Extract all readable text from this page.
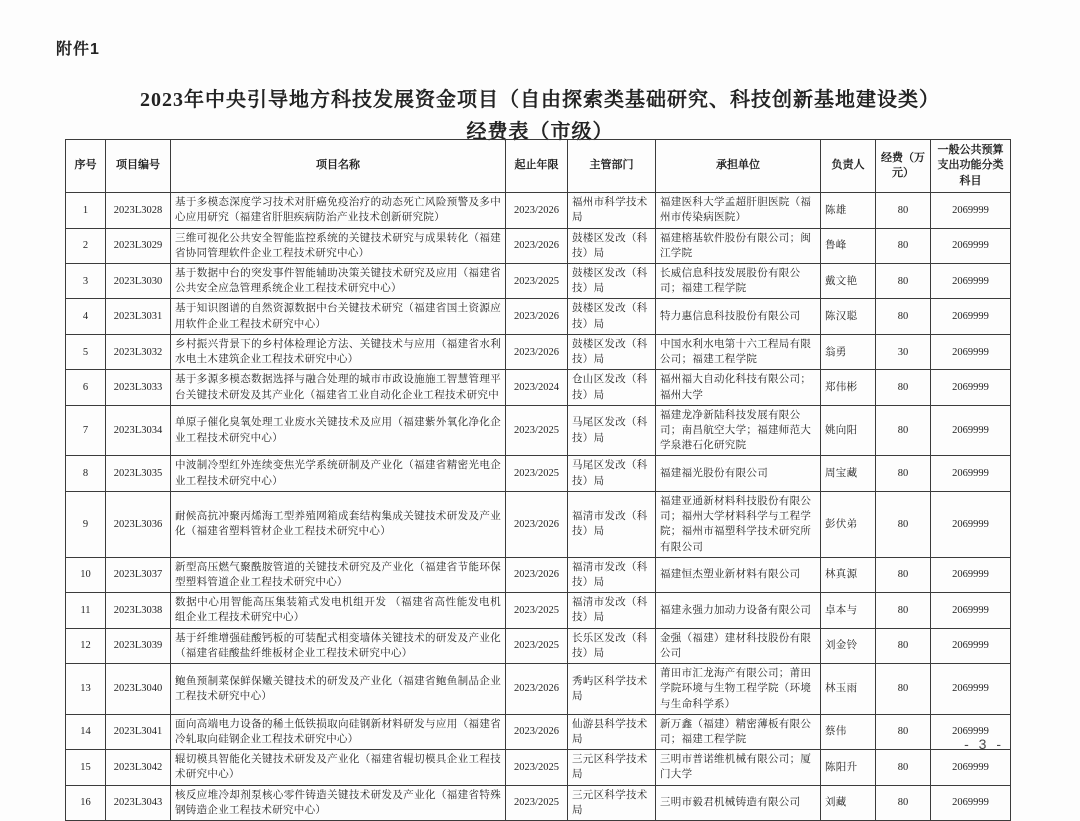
附件1
2023年中央引导地方科技发展资金项目（自由探索类基础研究、科技创新基地建设类）
经费表（市级）
序号	项目编号	项目名称	起止年限	主管部门	承担单位	负责人	经费（万元）	一般公共预算支出功能分类科目
1	2023L3028	基于多模态深度学习技术对肝癌免疫治疗的动态死亡风险预警及多中心应用研究（福建省肝胆疾病防治产业技术创新研究院）	2023/2026	福州市科学技术局	福建医科大学孟超肝胆医院（福州市传染病医院）	陈雄	80	2069999
2	2023L3029	三维可视化公共安全智能监控系统的关键技术研究与成果转化（福建省协同管理软件企业工程技术研究中心）	2023/2026	鼓楼区发改（科技）局	福建榕基软件股份有限公司；闽江学院	鲁峰	80	2069999
3	2023L3030	基于数据中台的突发事件智能辅助决策关键技术研究及应用（福建省公共安全应急管理系统企业工程技术研究中心）	2023/2025	鼓楼区发改（科技）局	长威信息科技发展股份有限公司；福建工程学院	戴文艳	80	2069999
4	2023L3031	基于知识图谱的自然资源数据中台关键技术研究（福建省国土资源应用软件企业工程技术研究中心）	2023/2026	鼓楼区发改（科技）局	特力惠信息科技股份有限公司	陈汉聪	80	2069999
5	2023L3032	乡村振兴背景下的乡村体检理论方法、关键技术与应用（福建省水利水电土木建筑企业工程技术研究中心）	2023/2026	鼓楼区发改（科技）局	中国水利水电第十六工程局有限公司；福建工程学院	翁勇	30	2069999
6	2023L3033	基于多源多模态数据选择与融合处理的城市市政设施施工智慧管理平台关键技术研发及其产业化（福建省工业自动化企业工程技术研究中	2023/2024	仓山区发改（科技）局	福州福大自动化科技有限公司；福州大学	郑伟彬	80	2069999
7	2023L3034	单原子催化臭氧处理工业废水关键技术及应用（福建紫外氧化净化企业工程技术研究中心）	2023/2025	马尾区发改（科技）局	福建龙净新陆科技发展有限公司；南昌航空大学；福建师范大学泉港石化研究院	姚向阳	80	2069999
8	2023L3035	中波制冷型红外连续变焦光学系统研制及产业化（福建省精密光电企业工程技术研究中心）	2023/2025	马尾区发改（科技）局	福建福光股份有限公司	周宝藏	80	2069999
9	2023L3036	耐候高抗冲聚丙烯海工型养殖网箱成套结构集成关键技术研发及产业化（福建省塑料管材企业工程技术研究中心）	2023/2026	福清市发改（科技）局	福建亚通新材料科技股份有限公司；福州大学材料科学与工程学院；福州市福塑科学技术研究所有限公司	彭伏弟	80	2069999
10	2023L3037	新型高压燃气聚酰胺管道的关键技术研究及产业化（福建省节能环保型塑料管道企业工程技术研究中心）	2023/2026	福清市发改（科技）局	福建恒杰塑业新材料有限公司	林真源	80	2069999
11	2023L3038	数据中心用智能高压集装箱式发电机组开发 （福建省高性能发电机组企业工程技术研究中心）	2023/2025	福清市发改（科技）局	福建永强力加动力设备有限公司	卓本与	80	2069999
12	2023L3039	基于纤维增强硅酸钙板的可装配式相变墙体关键技术的研发及产业化（福建省硅酸盐纤维板材企业工程技术研究中心）	2023/2025	长乐区发改（科技）局	金强（福建）建材科技股份有限公司	刘金铃	80	2069999
13	2023L3040	鲍鱼预制菜保鲜保嫩关键技术的研发及产业化（福建省鲍鱼制品企业工程技术研究中心）	2023/2026	秀屿区科学技术局	莆田市汇龙海产有限公司；莆田学院环境与生物工程学院（环境与生命科学系）	林玉雨	80	2069999
14	2023L3041	面向高端电力设备的稀土低铁损取向硅钢新材料研发与应用（福建省冷轧取向硅钢企业工程技术研究中心）	2023/2026	仙游县科学技术局	新万鑫（福建）精密薄板有限公司；福建工程学院	蔡伟	80	2069999
15	2023L3042	辊切模具智能化关键技术研发及产业化（福建省辊切模具企业工程技术研究中心）	2023/2025	三元区科学技术局	三明市普诺维机械有限公司；厦门大学	陈阳升	80	2069999
16	2023L3043	核反应堆冷却剂泵核心零件铸造关键技术研发及产业化（福建省特殊钢铸造企业工程技术研究中心）	2023/2025	三元区科学技术局	三明市毅君机械铸造有限公司	刘藏	80	2069999
- 3 -
